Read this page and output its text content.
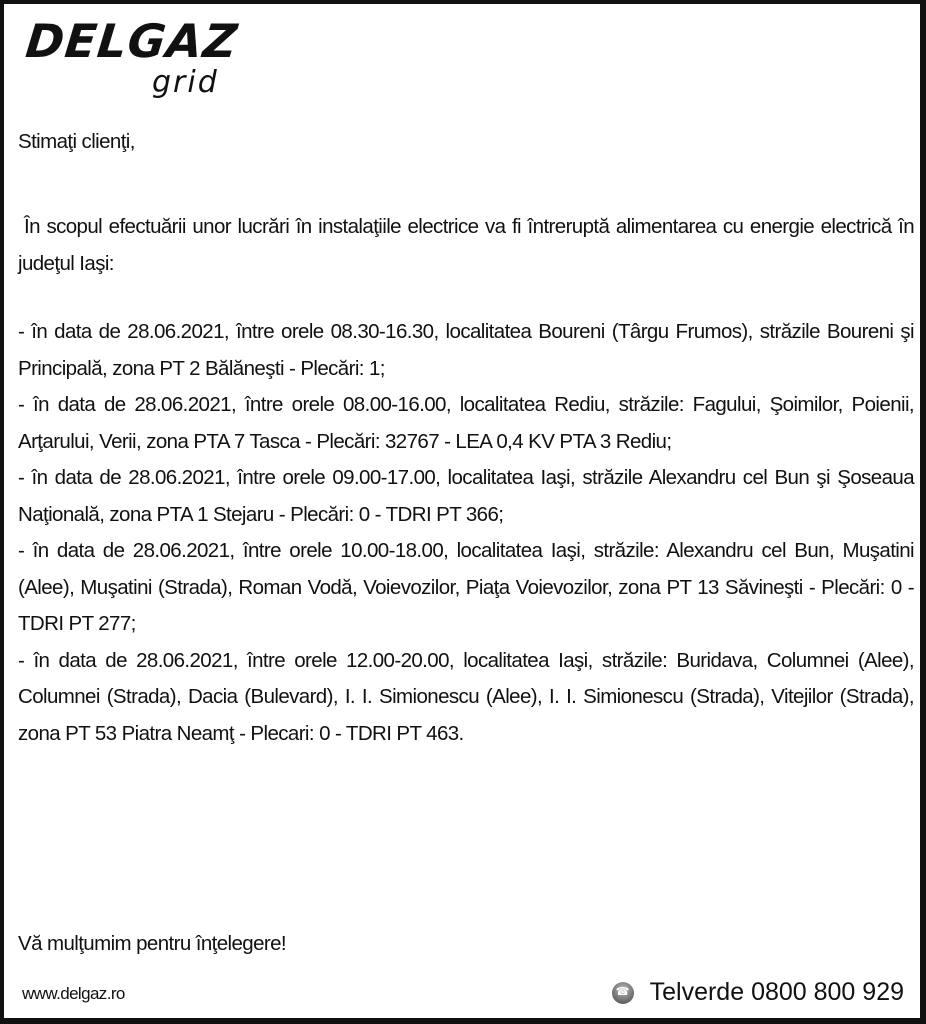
DELGAZ
grid
Stimaţi clienţi,
În scopul efectuării unor lucrări în instalaţiile electrice va fi întreruptă alimentarea cu energie electrică în judeţul Iaşi:
- în data de 28.06.2021, între orele 08.30-16.30, localitatea Boureni (Târgu Frumos), străzile Boureni şi Principală, zona PT 2 Bălăneşti - Plecări: 1;
- în data de 28.06.2021, între orele 08.00-16.00, localitatea Rediu, străzile: Fagului, Şoimilor, Poienii, Arţarului, Verii, zona PTA 7 Tasca - Plecări: 32767 - LEA 0,4 KV PTA 3 Rediu;
- în data de 28.06.2021, între orele 09.00-17.00, localitatea Iaşi, străzile Alexandru cel Bun şi Şoseaua Naţională, zona PTA 1 Stejaru - Plecări: 0 - TDRI PT 366;
- în data de 28.06.2021, între orele 10.00-18.00, localitatea Iaşi, străzile: Alexandru cel Bun, Muşatini (Alee), Muşatini (Strada), Roman Vodă, Voievozilor, Piaţa Voievozilor, zona PT 13 Săvineşti - Plecări: 0 - TDRI PT 277;
- în data de 28.06.2021, între orele 12.00-20.00, localitatea Iaşi, străzile: Buridava, Columnei (Alee), Columnei (Strada), Dacia (Bulevard), I. I. Simionescu (Alee), I. I. Simionescu (Strada), Vitejilor (Strada), zona PT 53 Piatra Neamţ - Plecari: 0 - TDRI PT 463.
Vă mulţumim pentru înţelegere!
www.delgaz.ro	☎ Telverde 0800 800 929
